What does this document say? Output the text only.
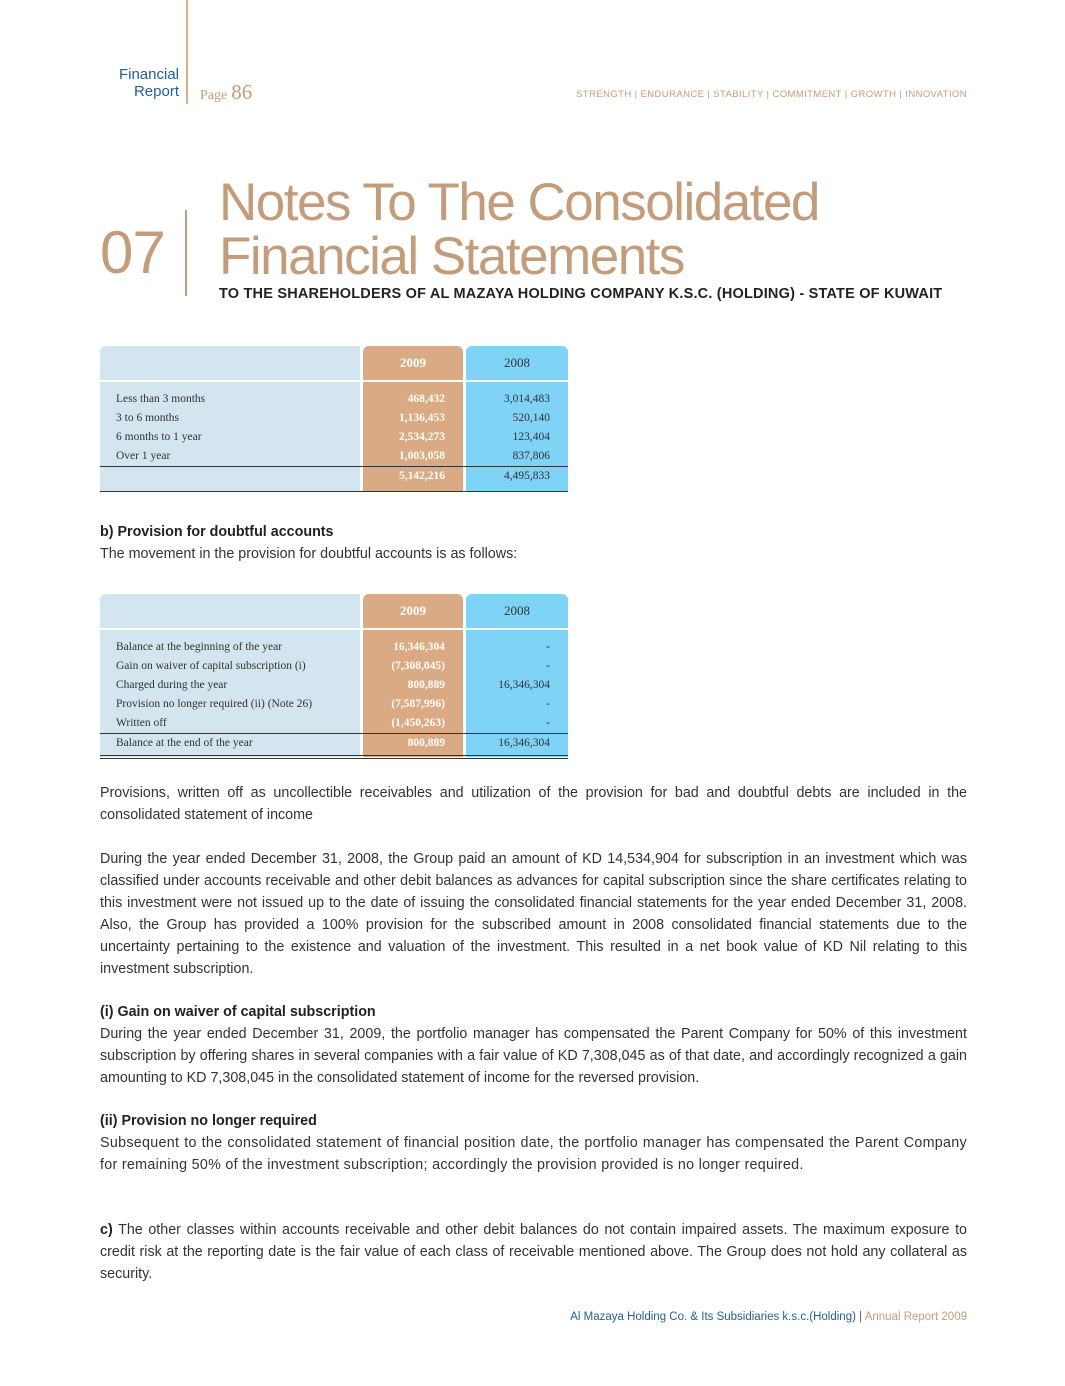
Financial
Report Page 86	STRENGTH | ENDURANCE | STABILITY | COMMITMENT | GROWTH | INNOVATION
07
Notes To The Consolidated
Financial Statements
TO THE SHAREHOLDERS OF AL MAZAYA HOLDING COMPANY K.S.C. (HOLDING) - STATE OF KUWAIT
2009	2008
Less than 3 months	468,432	3,014,483
3 to 6 months	1,136,453	520,140
6 months to 1 year	2,534,273	123,404
Over 1 year	1,003,058	837,806
5,142,216	4,495,833
b) Provision for doubtful accounts
The movement in the provision for doubtful accounts is as follows:
2009	2008
Balance at the beginning of the year	16,346,304	-
Gain on waiver of capital subscription (i)	(7,308,045)	-
Charged during the year	800,889	16,346,304
Provision no longer required (ii) (Note 26)	(7,587,996)	-
Written off	(1,450,263)	-
Balance at the end of the year	800,889	16,346,304
Provisions, written off as uncollectible receivables and utilization of the provision for bad and doubtful debts are included in the consolidated statement of income
During the year ended December 31, 2008, the Group paid an amount of KD 14,534,904 for subscription in an investment which was classified under accounts receivable and other debit balances as advances for capital subscription since the share certificates relating to this investment were not issued up to the date of issuing the consolidated financial statements for the year ended December 31, 2008. Also, the Group has provided a 100% provision for the subscribed amount in 2008 consolidated financial statements due to the uncertainty pertaining to the existence and valuation of the investment. This resulted in a net book value of KD Nil relating to this investment subscription.
(i) Gain on waiver of capital subscription
During the year ended December 31, 2009, the portfolio manager has compensated the Parent Company for 50% of this investment subscription by offering shares in several companies with a fair value of KD 7,308,045 as of that date, and accordingly recognized a gain amounting to KD 7,308,045 in the consolidated statement of income for the reversed provision.
(ii) Provision no longer required
Subsequent to the consolidated statement of financial position date, the portfolio manager has compensated the Parent Company for remaining 50% of the investment subscription; accordingly the provision provided is no longer required.
c) The other classes within accounts receivable and other debit balances do not contain impaired assets. The maximum exposure to credit risk at the reporting date is the fair value of each class of receivable mentioned above. The Group does not hold any collateral as security.
Al Mazaya Holding Co. & Its Subsidiaries k.s.c.(Holding) | Annual Report 2009
